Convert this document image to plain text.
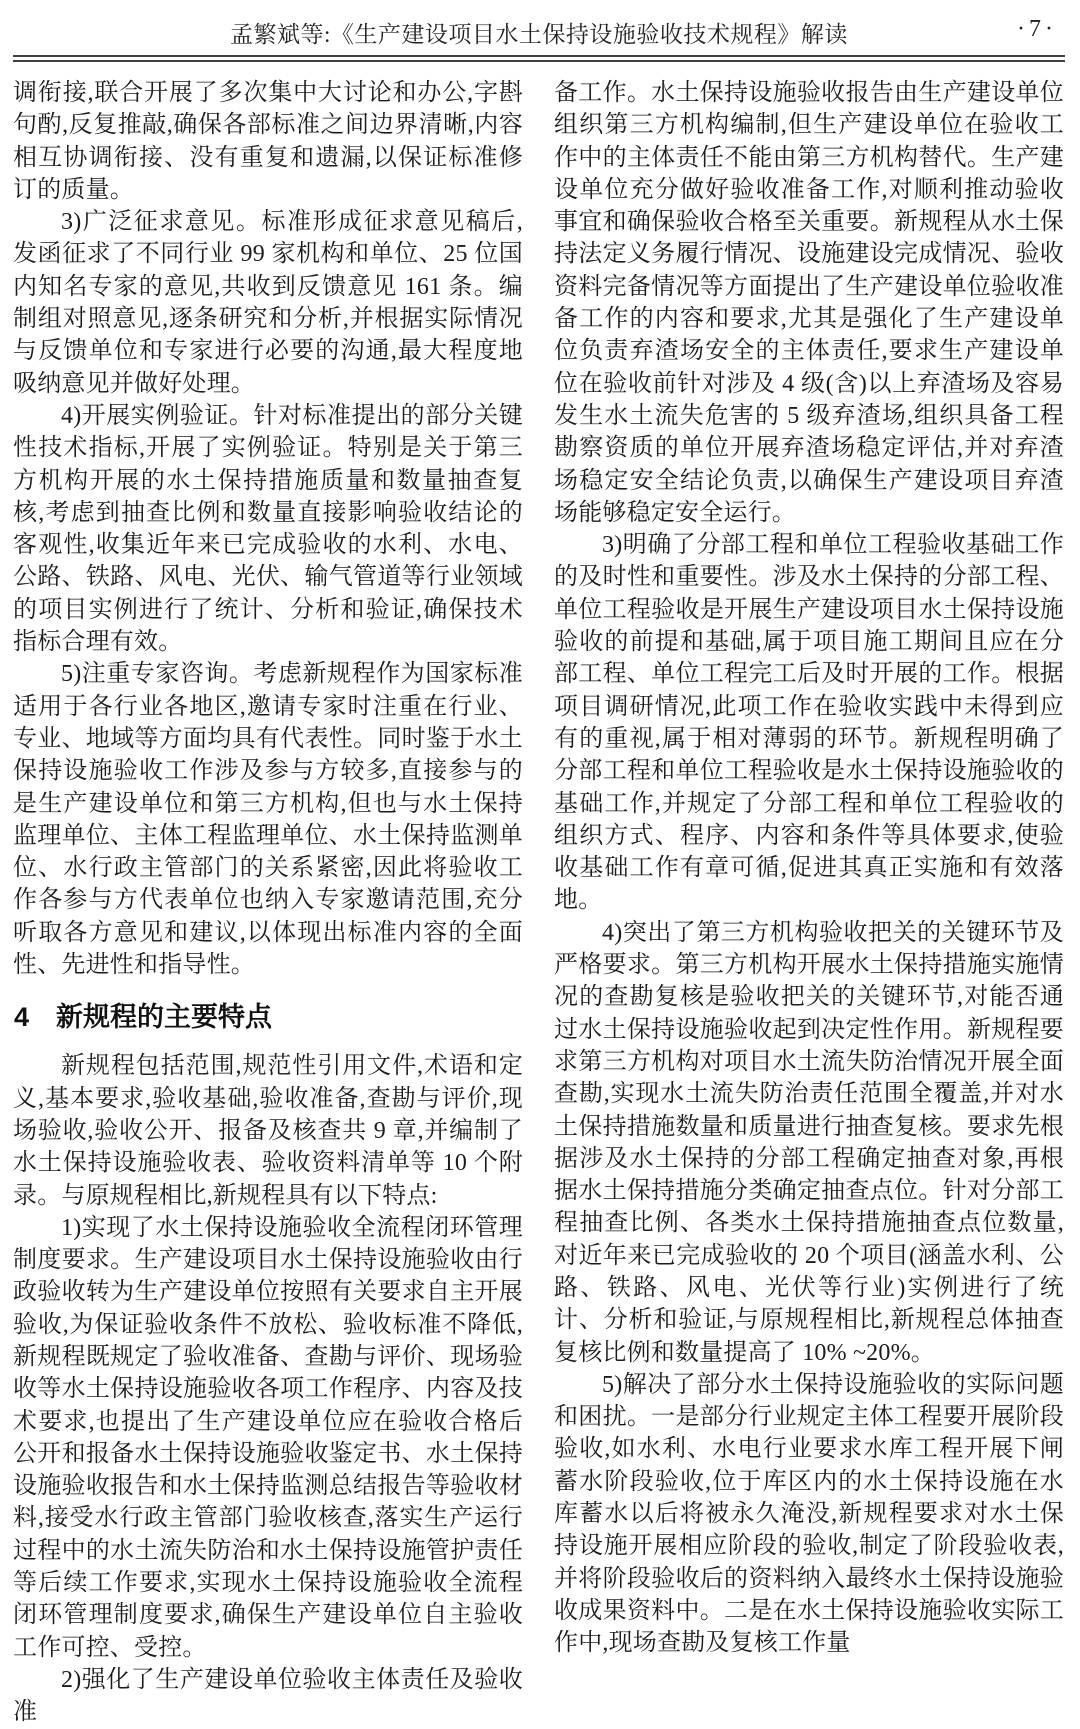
孟繁斌等:《生产建设项目水土保持设施验收技术规程》解读	·7·

调衔接,联合开展了多次集中大讨论和办公,字斟句酌,反复推敲,确保各部标准之间边界清晰,内容相互协调衔接、没有重复和遗漏,以保证标准修订的质量。

3)广泛征求意见。标准形成征求意见稿后,发函征求了不同行业 99 家机构和单位、25 位国内知名专家的意见,共收到反馈意见 161 条。编制组对照意见,逐条研究和分析,并根据实际情况与反馈单位和专家进行必要的沟通,最大程度地吸纳意见并做好处理。

4)开展实例验证。针对标准提出的部分关键性技术指标,开展了实例验证。特别是关于第三方机构开展的水土保持措施质量和数量抽查复核,考虑到抽查比例和数量直接影响验收结论的客观性,收集近年来已完成验收的水利、水电、公路、铁路、风电、光伏、输气管道等行业领域的项目实例进行了统计、分析和验证,确保技术指标合理有效。

5)注重专家咨询。考虑新规程作为国家标准适用于各行业各地区,邀请专家时注重在行业、专业、地域等方面均具有代表性。同时鉴于水土保持设施验收工作涉及参与方较多,直接参与的是生产建设单位和第三方机构,但也与水土保持监理单位、主体工程监理单位、水土保持监测单位、水行政主管部门的关系紧密,因此将验收工作各参与方代表单位也纳入专家邀请范围,充分听取各方意见和建议,以体现出标准内容的全面性、先进性和指导性。

4 新规程的主要特点

新规程包括范围,规范性引用文件,术语和定义,基本要求,验收基础,验收准备,查勘与评价,现场验收,验收公开、报备及核查共 9 章,并编制了水土保持设施验收表、验收资料清单等 10 个附录。与原规程相比,新规程具有以下特点:

1)实现了水土保持设施验收全流程闭环管理制度要求。生产建设项目水土保持设施验收由行政验收转为生产建设单位按照有关要求自主开展验收,为保证验收条件不放松、验收标准不降低,新规程既规定了验收准备、查勘与评价、现场验收等水土保持设施验收各项工作程序、内容及技术要求,也提出了生产建设单位应在验收合格后公开和报备水土保持设施验收鉴定书、水土保持设施验收报告和水土保持监测总结报告等验收材料,接受水行政主管部门验收核查,落实生产运行过程中的水土流失防治和水土保持设施管护责任等后续工作要求,实现水土保持设施验收全流程闭环管理制度要求,确保生产建设单位自主验收工作可控、受控。

2)强化了生产建设单位验收主体责任及验收准

备工作。水土保持设施验收报告由生产建设单位组织第三方机构编制,但生产建设单位在验收工作中的主体责任不能由第三方机构替代。生产建设单位充分做好验收准备工作,对顺利推动验收事宜和确保验收合格至关重要。新规程从水土保持法定义务履行情况、设施建设完成情况、验收资料完备情况等方面提出了生产建设单位验收准备工作的内容和要求,尤其是强化了生产建设单位负责弃渣场安全的主体责任,要求生产建设单位在验收前针对涉及 4 级(含)以上弃渣场及容易发生水土流失危害的 5 级弃渣场,组织具备工程勘察资质的单位开展弃渣场稳定评估,并对弃渣场稳定安全结论负责,以确保生产建设项目弃渣场能够稳定安全运行。

3)明确了分部工程和单位工程验收基础工作的及时性和重要性。涉及水土保持的分部工程、单位工程验收是开展生产建设项目水土保持设施验收的前提和基础,属于项目施工期间且应在分部工程、单位工程完工后及时开展的工作。根据项目调研情况,此项工作在验收实践中未得到应有的重视,属于相对薄弱的环节。新规程明确了分部工程和单位工程验收是水土保持设施验收的基础工作,并规定了分部工程和单位工程验收的组织方式、程序、内容和条件等具体要求,使验收基础工作有章可循,促进其真正实施和有效落地。

4)突出了第三方机构验收把关的关键环节及严格要求。第三方机构开展水土保持措施实施情况的查勘复核是验收把关的关键环节,对能否通过水土保持设施验收起到决定性作用。新规程要求第三方机构对项目水土流失防治情况开展全面查勘,实现水土流失防治责任范围全覆盖,并对水土保持措施数量和质量进行抽查复核。要求先根据涉及水土保持的分部工程确定抽查对象,再根据水土保持措施分类确定抽查点位。针对分部工程抽查比例、各类水土保持措施抽查点位数量,对近年来已完成验收的 20 个项目(涵盖水利、公路、铁路、风电、光伏等行业)实例进行了统计、分析和验证,与原规程相比,新规程总体抽查复核比例和数量提高了 10% ~20%。

5)解决了部分水土保持设施验收的实际问题和困扰。一是部分行业规定主体工程要开展阶段验收,如水利、水电行业要求水库工程开展下闸蓄水阶段验收,位于库区内的水土保持设施在水库蓄水以后将被永久淹没,新规程要求对水土保持设施开展相应阶段的验收,制定了阶段验收表,并将阶段验收后的资料纳入最终水土保持设施验收成果资料中。二是在水土保持设施验收实际工作中,现场查勘及复核工作量
